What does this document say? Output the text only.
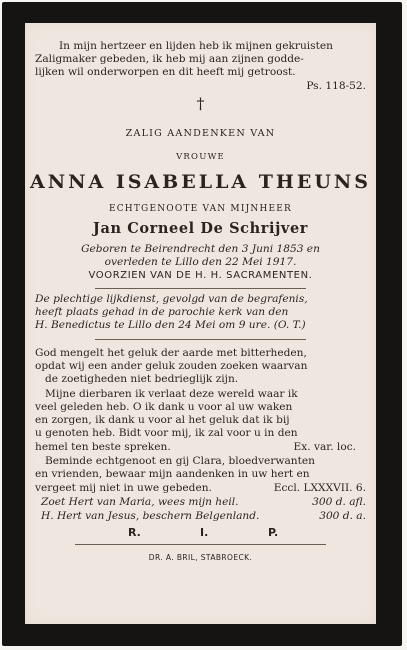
In mijn hertzeer en lijden heb ik mijnen gekruisten
Zaligmaker gebeden, ik heb mij aan zijnen godde-
lijken wil onderworpen en dit heeft mij getroost.
Ps. 118-52.
†
ZALIG AANDENKEN VAN
VROUWE
ANNA ISABELLA THEUNS
ECHTGENOOTE VAN MIJNHEER
Jan Corneel De Schrijver
Geboren te Beirendrecht den 3 Juni 1853 en
overleden te Lillo den 22 Mei 1917.
VOORZIEN VAN DE H. H. SACRAMENTEN.
De plechtige lijkdienst, gevolgd van de begrafenis,
heeft plaats gehad in de parochie kerk van den
H. Benedictus te Lillo den 24 Mei om 9 ure. (O. T.)
God mengelt het geluk der aarde met bitterheden,
opdat wij een ander geluk zouden zoeken waarvan
de zoetigheden niet bedrieglijk zijn.
Mijne dierbaren ik verlaat deze wereld waar ik
veel geleden heb. O ik dank u voor al uw waken
en zorgen, ik dank u voor al het geluk dat ik bij
u genoten heb. Bidt voor mij, ik zal voor u in den
hemel ten beste spreken.	Ex. var. loc.
Beminde echtgenoot en gij Clara, bloedverwanten
en vrienden, bewaar mijn aandenken in uw hert en
vergeet mij niet in uwe gebeden.	Eccl. LXXXVII. 6.
Zoet Hert van Maria, wees mijn heil.	300 d. afl.
H. Hert van Jesus, beschern Belgenland.	300 d. a.
R.	I.	P.
DR. A. BRIL, STABROECK.
